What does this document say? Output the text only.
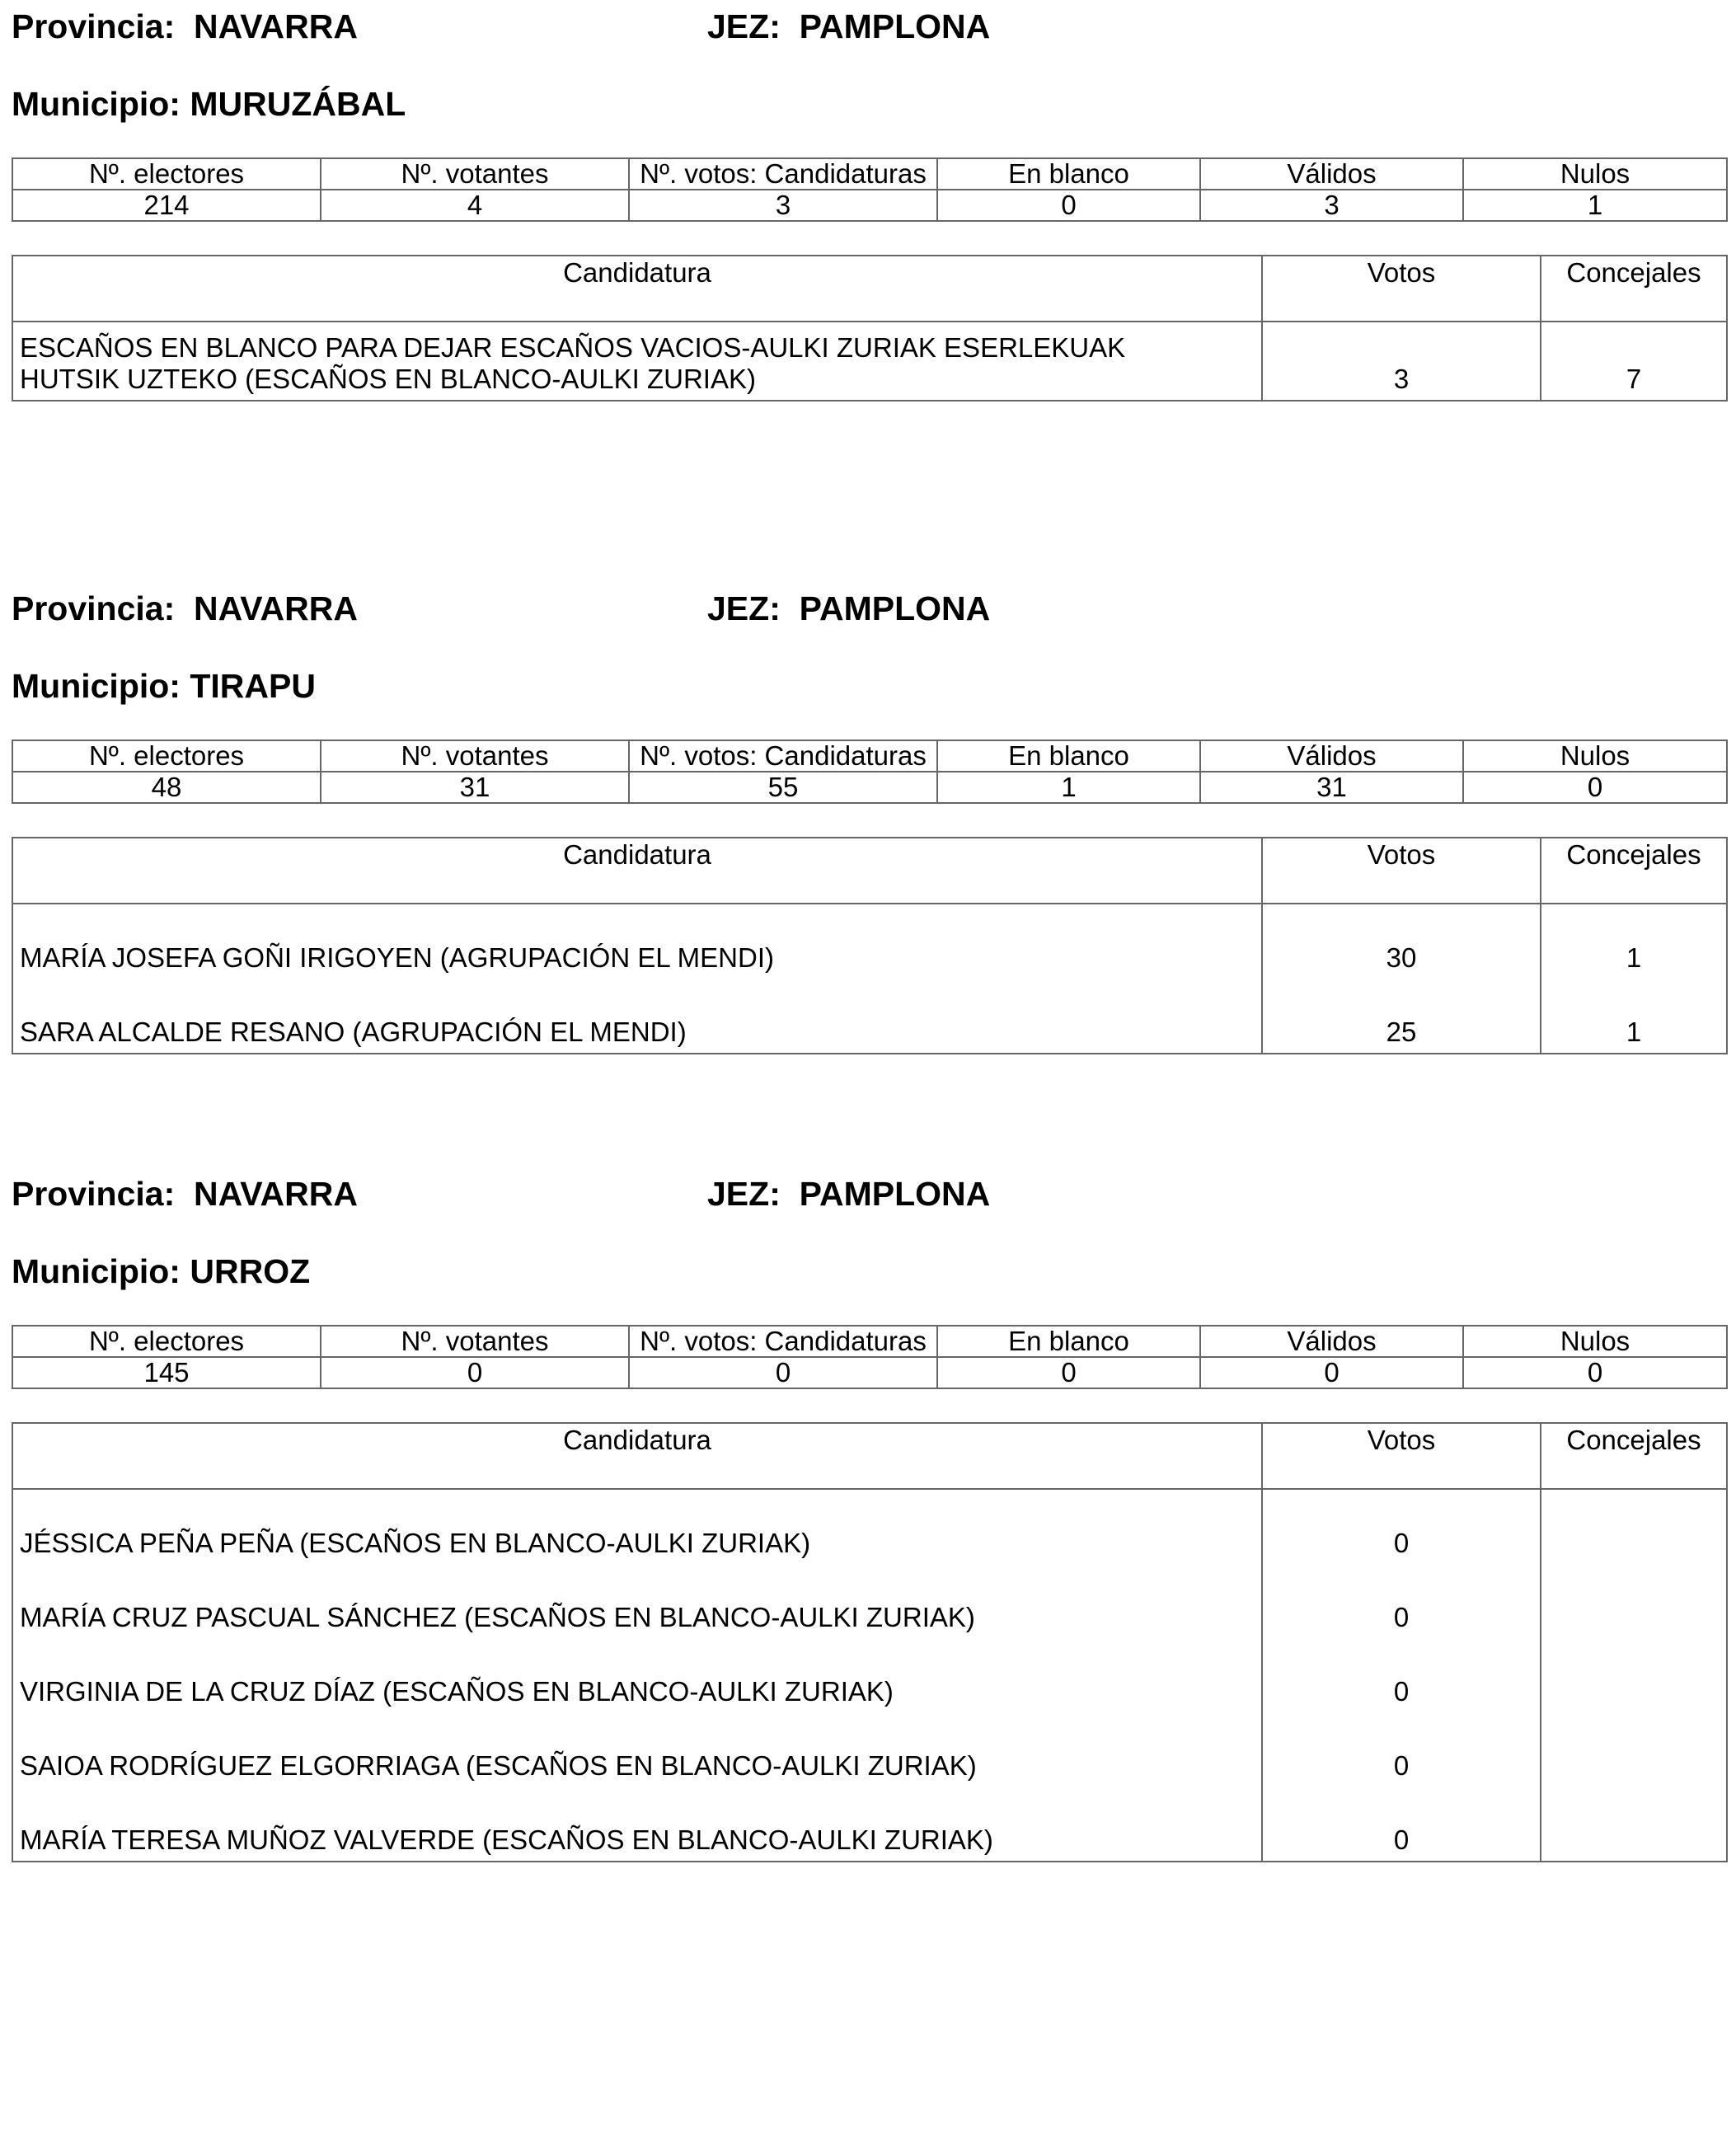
Provincia: NAVARRA	JEZ: PAMPLONA
Municipio: MURUZÁBAL
Nº. electores	Nº. votantes	Nº. votos: Candidaturas	En blanco	Válidos	Nulos
214	4	3	0	3	1
Candidatura	Votos	Concejales
ESCAÑOS EN BLANCO PARA DEJAR ESCAÑOS VACIOS-AULKI ZURIAK ESERLEKUAK HUTSIK UZTEKO (ESCAÑOS EN BLANCO-AULKI ZURIAK)	3	7
Provincia: NAVARRA	JEZ: PAMPLONA
Municipio: TIRAPU
Nº. electores	Nº. votantes	Nº. votos: Candidaturas	En blanco	Válidos	Nulos
48	31	55	1	31	0
Candidatura	Votos	Concejales
MARÍA JOSEFA GOÑI IRIGOYEN (AGRUPACIÓN EL MENDI)	30	1
SARA ALCALDE RESANO (AGRUPACIÓN EL MENDI)	25	1
Provincia: NAVARRA	JEZ: PAMPLONA
Municipio: URROZ
Nº. electores	Nº. votantes	Nº. votos: Candidaturas	En blanco	Válidos	Nulos
145	0	0	0	0	0
Candidatura	Votos	Concejales
JÉSSICA PEÑA PEÑA (ESCAÑOS EN BLANCO-AULKI ZURIAK)	0	
MARÍA CRUZ PASCUAL SÁNCHEZ (ESCAÑOS EN BLANCO-AULKI ZURIAK)	0	
VIRGINIA DE LA CRUZ DÍAZ (ESCAÑOS EN BLANCO-AULKI ZURIAK)	0	
SAIOA RODRÍGUEZ ELGORRIAGA (ESCAÑOS EN BLANCO-AULKI ZURIAK)	0	
MARÍA TERESA MUÑOZ VALVERDE (ESCAÑOS EN BLANCO-AULKI ZURIAK)	0	
